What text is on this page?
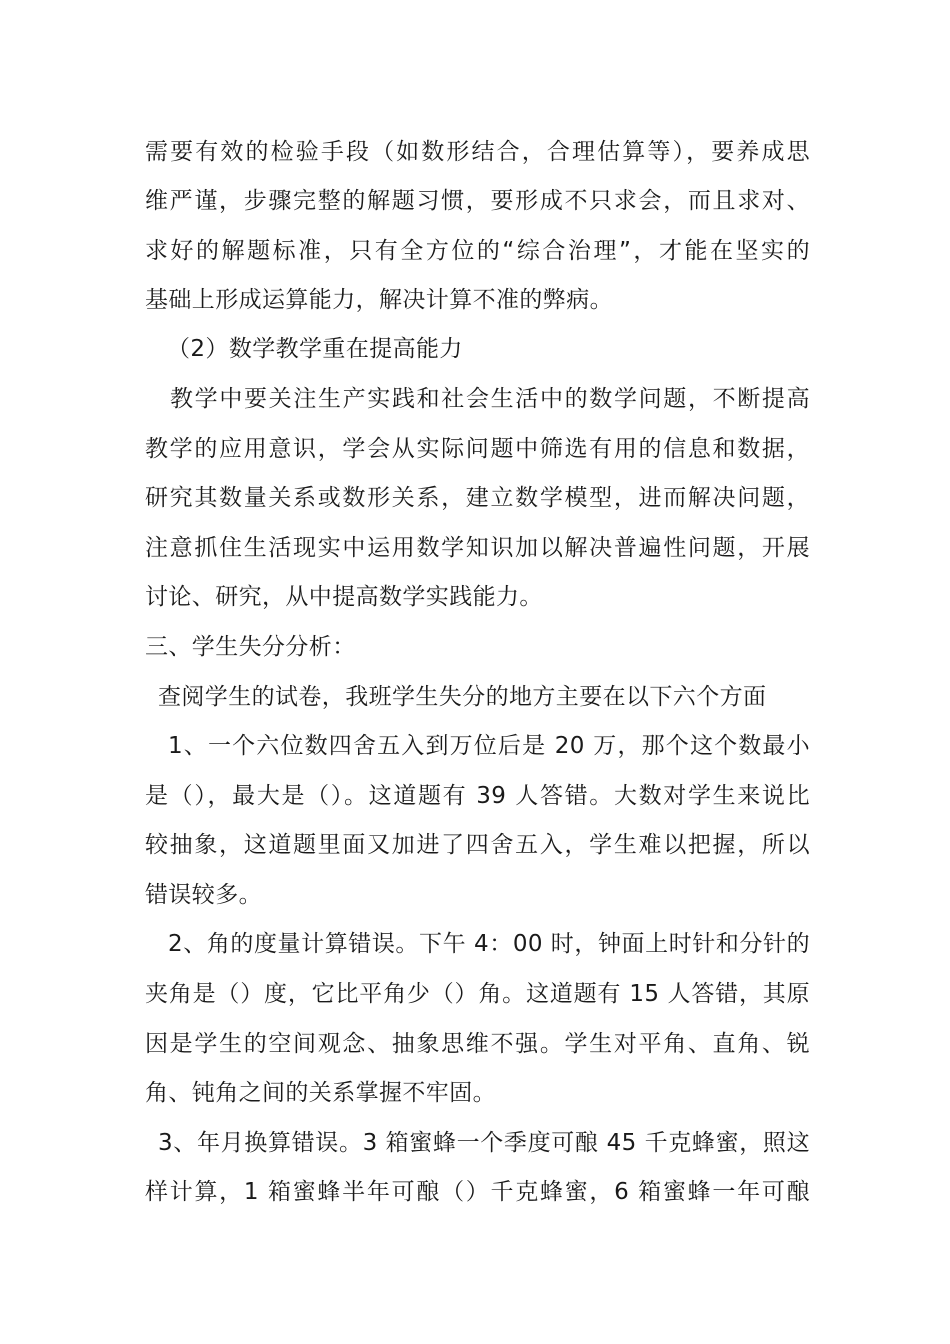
需要有效的检验手段（如数形结合，合理估算等），要养成思
维严谨，步骤完整的解题习惯，要形成不只求会，而且求对、
求好的解题标准，只有全方位的“综合治理”，才能在坚实的
基础上形成运算能力，解决计算不准的弊病。
（2）数学教学重在提高能力
教学中要关注生产实践和社会生活中的数学问题，不断提高
教学的应用意识，学会从实际问题中筛选有用的信息和数据，
研究其数量关系或数形关系，建立数学模型，进而解决问题，
注意抓住生活现实中运用数学知识加以解决普遍性问题，开展
讨论、研究，从中提高数学实践能力。
三、学生失分分析：
查阅学生的试卷，我班学生失分的地方主要在以下六个方面
1、一个六位数四舍五入到万位后是 20 万，那个这个数最小
是（），最大是（）。这道题有 39 人答错。大数对学生来说比
较抽象，这道题里面又加进了四舍五入，学生难以把握，所以
错误较多。
2、角的度量计算错误。下午 4：00 时，钟面上时针和分针的
夹角是（）度，它比平角少（）角。这道题有 15 人答错，其原
因是学生的空间观念、抽象思维不强。学生对平角、直角、锐
角、钝角之间的关系掌握不牢固。
3、年月换算错误。3 箱蜜蜂一个季度可酿 45 千克蜂蜜，照这
样计算，1 箱蜜蜂半年可酿（）千克蜂蜜，6 箱蜜蜂一年可酿
